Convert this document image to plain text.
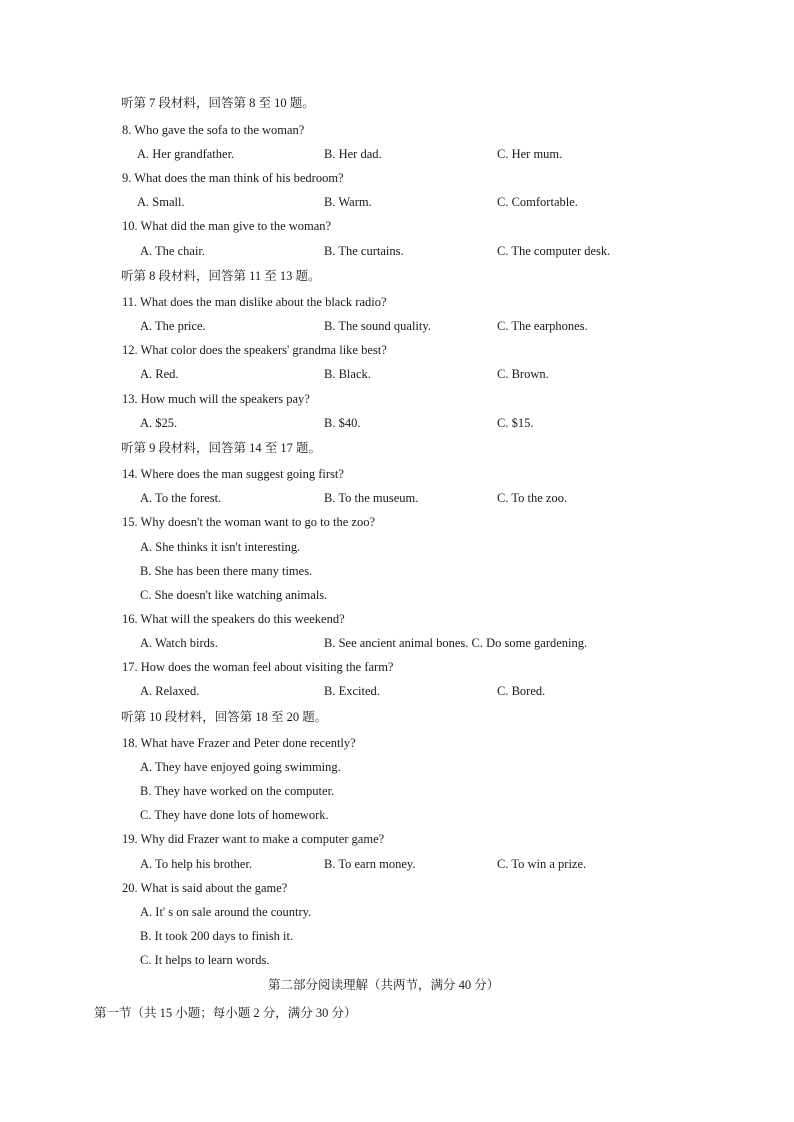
听第 7 段材料，回答第 8 至 10 题。
8. Who gave the sofa to the woman?
A. Her grandfather.	B. Her dad.	C. Her mum.
9. What does the man think of his bedroom?
A. Small.	B. Warm.	C. Comfortable.
10. What did the man give to the woman?
A. The chair.	B. The curtains.	C. The computer desk.
听第 8 段材料，回答第 11 至 13 题。
11. What does the man dislike about the black radio?
A. The price.	B. The sound quality.	C. The earphones.
12. What color does the speakers' grandma like best?
A. Red.	B. Black.	C. Brown.
13. How much will the speakers pay?
A. $25.	B. $40.	C. $15.
听第 9 段材料，回答第 14 至 17 题。
14. Where does the man suggest going first?
A. To the forest.	B. To the museum.	C. To the zoo.
15. Why doesn't the woman want to go to the zoo?
A. She thinks it isn't interesting.
B. She has been there many times.
C. She doesn't like watching animals.
16. What will the speakers do this weekend?
A. Watch birds.	B. See ancient animal bones. C. Do some gardening.
17. How does the woman feel about visiting the farm?
A. Relaxed.	B. Excited.	C. Bored.
听第 10 段材料，回答第 18 至 20 题。
18. What have Frazer and Peter done recently?
A. They have enjoyed going swimming.
B. They have worked on the computer.
C. They have done lots of homework.
19. Why did Frazer want to make a computer game?
A. To help his brother.	B. To earn money.	C. To win a prize.
20. What is said about the game?
A. It' s on sale around the country.
B. It took 200 days to finish it.
C. It helps to learn words.
第二部分阅读理解（共两节，满分 40 分）
第一节（共 15 小题；每小题 2 分，满分 30 分）
